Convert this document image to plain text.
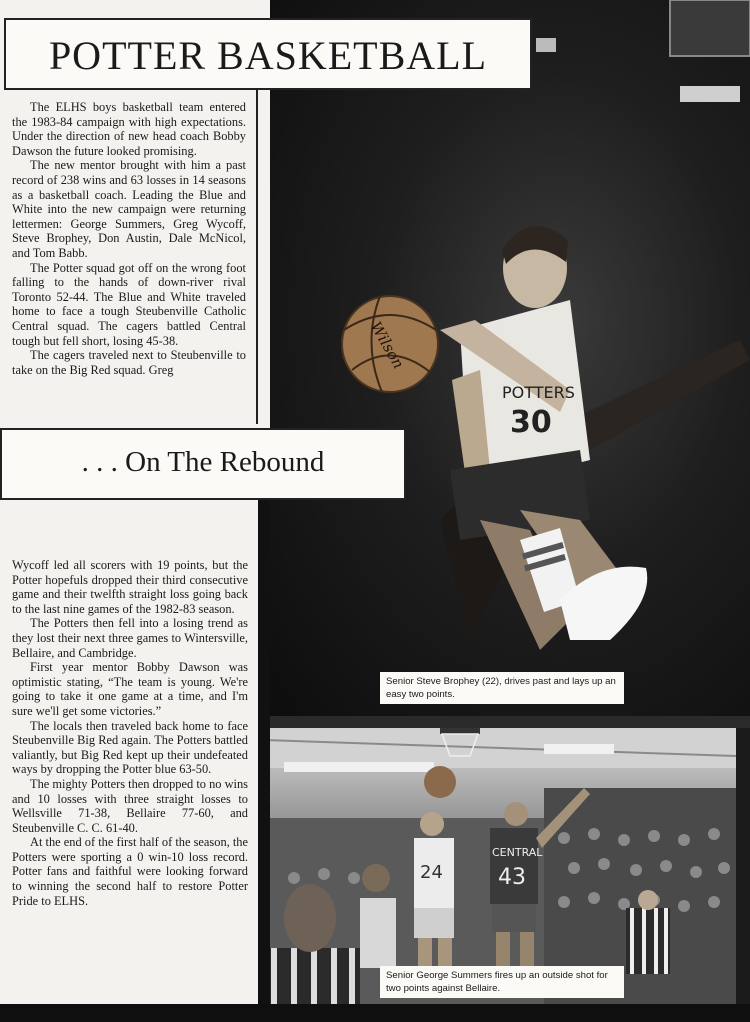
POTTERS
30
Wilson
24
CENTRAL
43
POTTER BASKETBALL

The ELHS boys basketball team entered the 1983-84 campaign with high expectations. Under the direction of new head coach Bobby Dawson the future looked promising.

The new mentor brought with him a past record of 238 wins and 63 losses in 14 seasons as a basketball coach. Leading the Blue and White into the new campaign were returning lettermen: George Summers, Greg Wycoff, Steve Brophey, Don Austin, Dale McNicol, and Tom Babb.

The Potter squad got off on the wrong foot falling to the hands of down-river rival Toronto 52-44. The Blue and White traveled home to face a tough Steubenville Catholic Central squad. The cagers battled Central tough but fell short, losing 45-38.

The cagers traveled next to Steubenville to take on the Big Red squad. Greg

. . . On The Rebound

Wycoff led all scorers with 19 points, but the Potter hopefuls dropped their third consecutive game and their twelfth straight loss going back to the last nine games of the 1982-83 season.

The Potters then fell into a losing trend as they lost their next three games to Wintersville, Bellaire, and Cambridge.

First year mentor Bobby Dawson was optimistic stating, “The team is young. We're going to take it one game at a time, and I'm sure we'll get some victories.”

The locals then traveled back home to face Steubenville Big Red again. The Potters battled valiantly, but Big Red kept up their undefeated ways by dropping the Potter blue 63-50.

The mighty Potters then dropped to no wins and 10 losses with three straight losses to Wellsville 71-38, Bellaire 77-60, and Steubenville C. C. 61-40.

At the end of the first half of the season, the Potters were sporting a 0 win-10 loss record. Potter fans and faithful were looking forward to winning the second half to restore Potter Pride to ELHS.

Senior Steve Brophey (22), drives past and lays up an easy two points.
Senior George Summers fires up an outside shot for two points against Bellaire.
